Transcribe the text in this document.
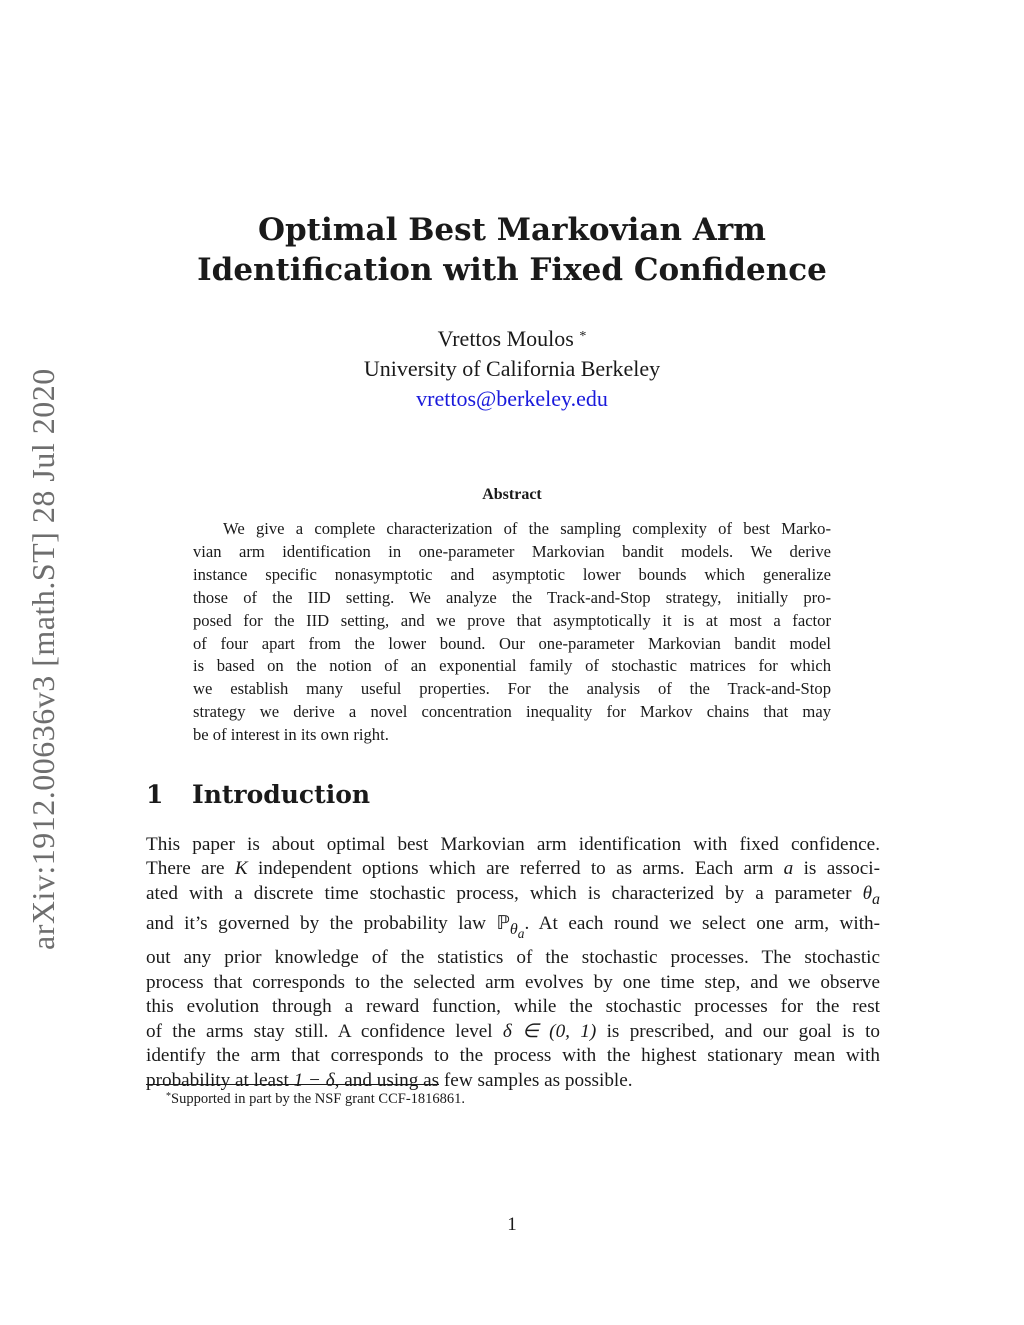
arXiv:1912.00636v3 [math.ST] 28 Jul 2020
Optimal Best Markovian Arm
Identification with Fixed Confidence
Vrettos Moulos *
University of California Berkeley
vrettos@berkeley.edu
Abstract
We give a complete characterization of the sampling complexity of best Marko-
vian arm identification in one-parameter Markovian bandit models. We derive
instance specific nonasymptotic and asymptotic lower bounds which generalize
those of the IID setting. We analyze the Track-and-Stop strategy, initially pro-
posed for the IID setting, and we prove that asymptotically it is at most a factor
of four apart from the lower bound. Our one-parameter Markovian bandit model
is based on the notion of an exponential family of stochastic matrices for which
we establish many useful properties. For the analysis of the Track-and-Stop
strategy we derive a novel concentration inequality for Markov chains that may
be of interest in its own right.
1 Introduction
This paper is about optimal best Markovian arm identification with fixed confidence.
There are K independent options which are referred to as arms. Each arm a is associ-
ated with a discrete time stochastic process, which is characterized by a parameter $\theta_a$
and it’s governed by the probability law ℙ$_{\theta_a}$. At each round we select one arm, with-
out any prior knowledge of the statistics of the stochastic processes. The stochastic
process that corresponds to the selected arm evolves by one time step, and we observe
this evolution through a reward function, while the stochastic processes for the rest
of the arms stay still. A confidence level δ ∈ (0, 1) is prescribed, and our goal is to
identify the arm that corresponds to the process with the highest stationary mean with
probability at least 1 − δ, and using as few samples as possible.
*Supported in part by the NSF grant CCF-1816861.
1
